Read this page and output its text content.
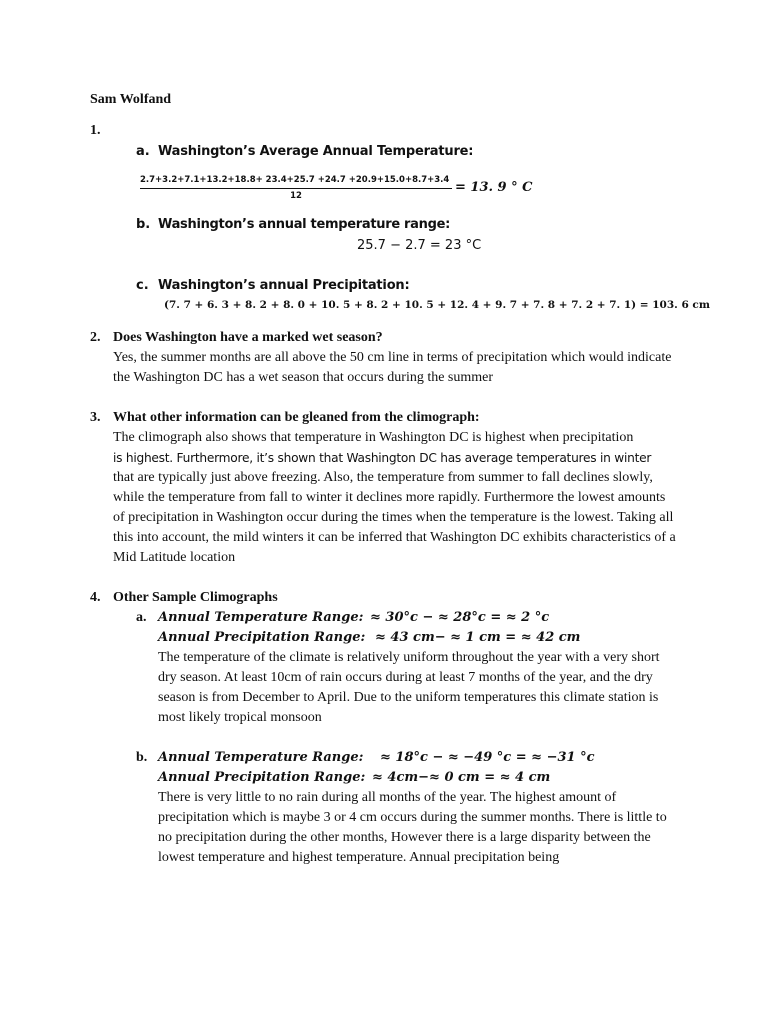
Sam Wolfand
1.
a. Washington’s Average Annual Temperature:
2.7+3.2+7.1+13.2+18.8+ 23.4+25.7 +24.7 +20.9+15.0+8.7+3.4
12
= 13. 9 ° C
b. Washington’s annual temperature range:
25.7 − 2.7 = 23 °C
c. Washington’s annual Precipitation:
(7. 7 + 6. 3 + 8. 2 + 8. 0 + 10. 5 + 8. 2 + 10. 5 + 12. 4 + 9. 7 + 7. 8 + 7. 2 + 7. 1) = 103. 6 cm
2. Does Washington have a marked wet season?
Yes, the summer months are all above the 50 cm line in terms of precipitation which would indicate the Washington DC has a wet season that occurs during the summer
3. What other information can be gleaned from the climograph:
The climograph also shows that temperature in Washington DC is highest when precipitation
is highest. Furthermore, it’s shown that Washington DC has average temperatures in winter
that are typically just above freezing. Also, the temperature from summer to fall declines slowly, while the temperature from fall to winter it declines more rapidly. Furthermore the lowest amounts of precipitation in Washington occur during the times when the temperature is the lowest. Taking all this into account, the mild winters it can be inferred that Washington DC exhibits characteristics of a Mid Latitude location
4. Other Sample Climographs
a. Annual Temperature Range: ≈ 30°c − ≈ 28°c = ≈ 2 °c
Annual Precipitation Range: ≈ 43 cm− ≈ 1 cm = ≈ 42 cm
The temperature of the climate is relatively uniform throughout the year with a very short dry season. At least 10cm of rain occurs during at least 7 months of the year, and the dry season is from December to April. Due to the uniform temperatures this climate station is most likely tropical monsoon
b. Annual Temperature Range: ≈ 18°c − ≈ −49 °c = ≈ −31 °c
Annual Precipitation Range: ≈ 4cm−≈ 0 cm = ≈ 4 cm
There is very little to no rain during all months of the year. The highest amount of precipitation which is maybe 3 or 4 cm occurs during the summer months. There is little to no precipitation during the other months, However there is a large disparity between the lowest temperature and highest temperature. Annual precipitation being
